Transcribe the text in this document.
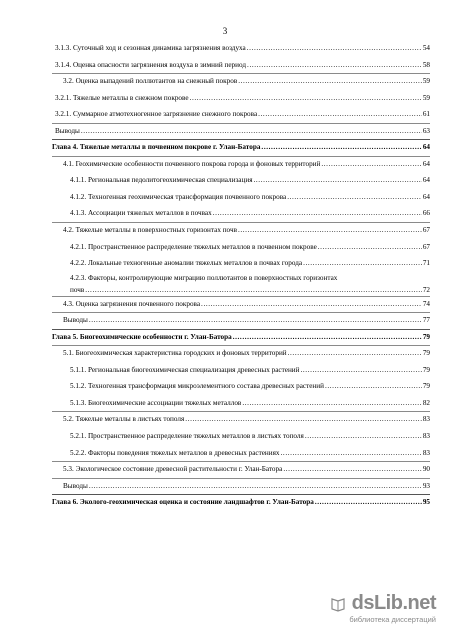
3
3.1.3. Суточный ход и сезонная динамика загрязнения воздуха .....	54
3.1.4. Оценка опасности загрязнения воздуха в зимний период .....	58
3.2. Оценка выпадений поллютантов на снежный покров .....	59
3.2.1. Тяжелые металлы в снежном покрове .....	59
3.2.1. Суммарное атмотехногенное загрязнение снежного покрова .....	61
Выводы .....	63
Глава 4. Тяжелые металлы в почвенном покрове г. Улан-Батора .....	64
4.1. Геохимические особенности почвенного покрова города и фоновых территорий .....	64
4.1.1. Региональная педолитогеохимическая специализация .....	64
4.1.2. Техногенная геохимическая трансформация почвенного покрова .....	64
4.1.3. Ассоциации тяжелых металлов в почвах .....	66
4.2. Тяжелые металлы в поверхностных горизонтах почв .....	67
4.2.1. Пространственное распределение тяжелых металлов в почвенном покрове .....	67
4.2.2. Локальные техногенные аномалии тяжелых металлов в почвах города .....	71
4.2.3. Факторы, контролирующие миграцию поллютантов в поверхностных горизонтах
почв .....	72
4.3. Оценка загрязнения почвенного покрова .....	74
Выводы .....	77
Глава 5. Биогеохимические особенности г. Улан-Батора .....	79
5.1. Биогеохимическая характеристика городских и фоновых территорий .....	79
5.1.1. Региональная биогеохимическая специализация древесных растений .....	79
5.1.2. Техногенная трансформация микроэлементного состава древесных растений .....	79
5.1.3. Биогеохимические ассоциации тяжелых металлов .....	82
5.2. Тяжелые металлы в листьях тополя .....	83
5.2.1. Пространственное распределение тяжелых металлов в листьях тополя .....	83
5.2.2. Факторы поведения тяжелых металлов в древесных растениях .....	83
5.3. Экологическое состояние древесной растительности г. Улан-Батора .....	90
Выводы .....	93
Глава 6. Эколого-геохимическая оценка и состояние ландшафтов г. Улан-Батора .....	95
dsLib.net
библиотека диссертаций
